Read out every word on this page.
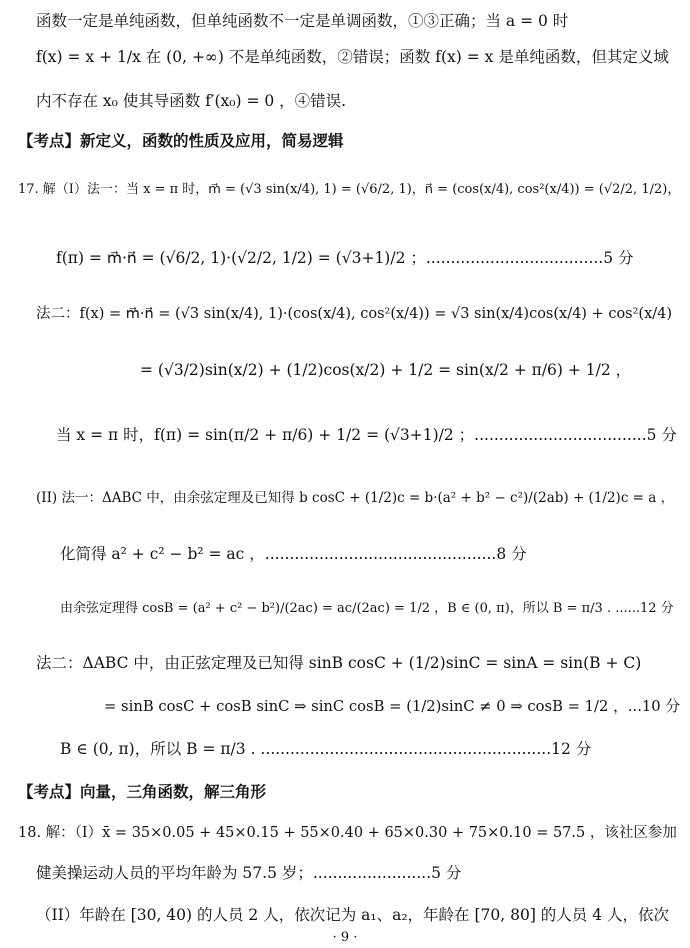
函数一定是单纯函数，但单纯函数不一定是单调函数，①③正确；当 a = 0 时
f(x) = x + 1/x 在 (0, +∞) 不是单纯函数，②错误；函数 f(x) = x 是单纯函数，但其定义域
内不存在 x₀ 使其导函数 f′(x₀) = 0 ，④错误.
【考点】新定义，函数的性质及应用，简易逻辑
17. 解（I）法一：当 x = π 时，m⃗ = (√3 sin(x/4), 1) = (√6/2, 1)，n⃗ = (cos(x/4), cos²(x/4)) = (√2/2, 1/2)，
f(π) = m⃗·n⃗ = (√6/2, 1)·(√2/2, 1/2) = (√3+1)/2 ；....................................5 分
法二：f(x) = m⃗·n⃗ = (√3 sin(x/4), 1)·(cos(x/4), cos²(x/4)) = √3 sin(x/4)cos(x/4) + cos²(x/4)
= (√3/2)sin(x/2) + (1/2)cos(x/2) + 1/2 = sin(x/2 + π/6) + 1/2 ，
当 x = π 时，f(π) = sin(π/2 + π/6) + 1/2 = (√3+1)/2 ；...................................5 分
(II) 法一：ΔABC 中，由余弦定理及已知得 b cosC + (1/2)c = b·(a² + b² − c²)/(2ab) + (1/2)c = a ，
化简得 a² + c² − b² = ac ，...............................................8 分
由余弦定理得 cosB = (a² + c² − b²)/(2ac) = ac/(2ac) = 1/2 ，B ∈ (0, π)，所以 B = π/3 . ......12 分
法二：ΔABC 中，由正弦定理及已知得 sinB cosC + (1/2)sinC = sinA = sin(B + C)
= sinB cosC + cosB sinC ⇒ sinC cosB = (1/2)sinC ≠ 0 ⇒ cosB = 1/2 ，...10 分
B ∈ (0, π)，所以 B = π/3 . ...........................................................12 分
【考点】向量，三角函数，解三角形
18. 解：（I）x̄ = 35×0.05 + 45×0.15 + 55×0.40 + 65×0.30 + 75×0.10 = 57.5 ，该社区参加
健美操运动人员的平均年龄为 57.5 岁；........................5 分
（II）年龄在 [30, 40) 的人员 2 人，依次记为 a₁、a₂，年龄在 [70, 80] 的人员 4 人，依次
· 9 ·
